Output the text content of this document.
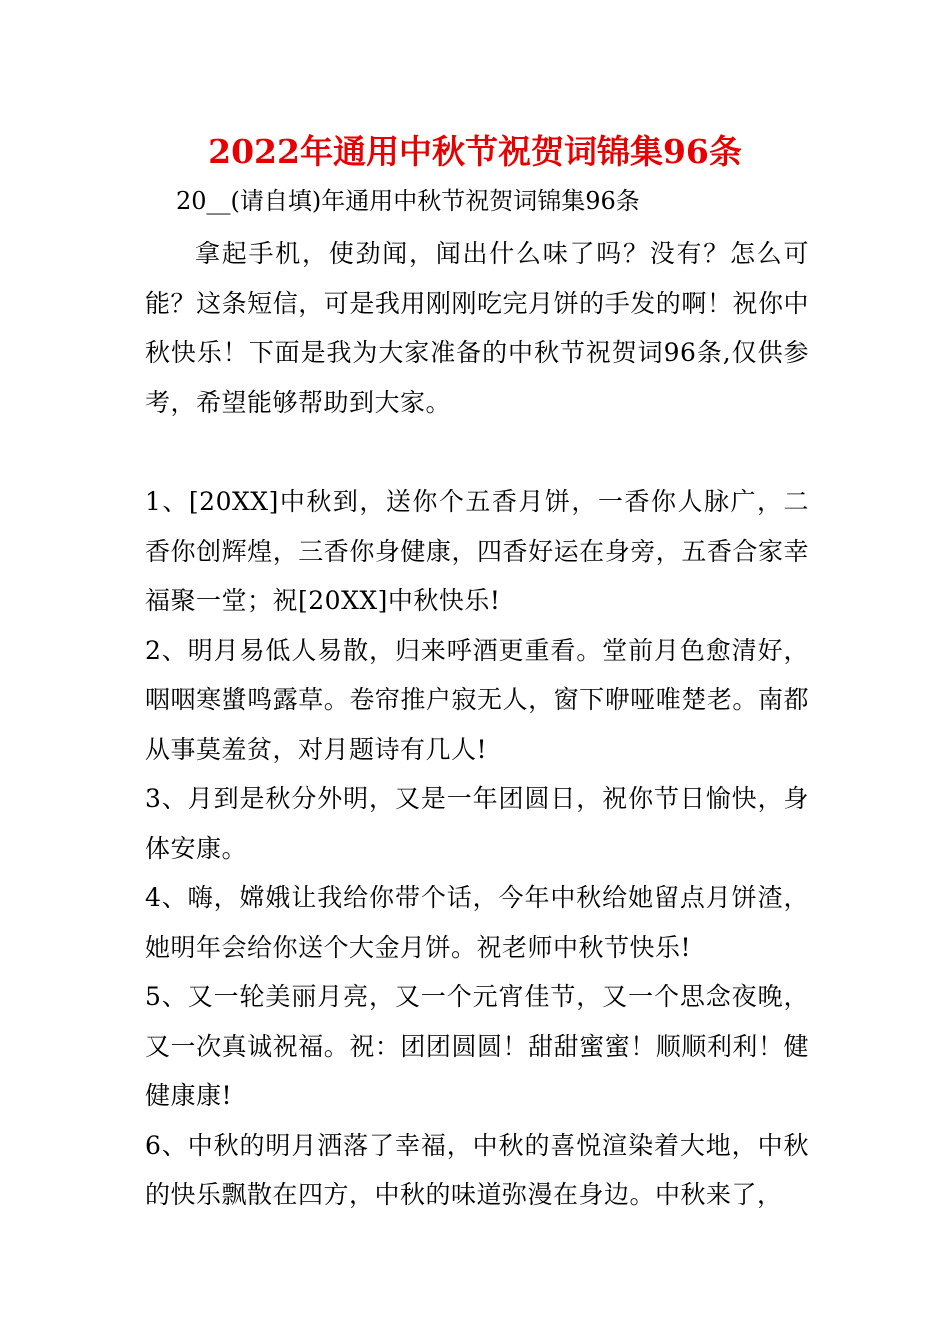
2022年通用中秋节祝贺词锦集96条

20__(请自填)年通用中秋节祝贺词锦集96条

拿起手机，使劲闻，闻出什么味了吗？没有？怎么可能？这条短信，可是我用刚刚吃完月饼的手发的啊！祝你中秋快乐！下面是我为大家准备的中秋节祝贺词96条,仅供参考，希望能够帮助到大家。

1、[20XX]中秋到，送你个五香月饼，一香你人脉广，二香你创辉煌，三香你身健康，四香好运在身旁，五香合家幸福聚一堂；祝[20XX]中秋快乐!

2、明月易低人易散，归来呼酒更重看。堂前月色愈清好，咽咽寒螿鸣露草。卷帘推户寂无人，窗下咿哑唯楚老。南都从事莫羞贫，对月题诗有几人!

3、月到是秋分外明，又是一年团圆日，祝你节日愉快，身体安康。

4、嗨，嫦娥让我给你带个话，今年中秋给她留点月饼渣，她明年会给你送个大金月饼。祝老师中秋节快乐!

5、又一轮美丽月亮，又一个元宵佳节，又一个思念夜晚，又一次真诚祝福。祝：团团圆圆！甜甜蜜蜜！顺顺利利！健健康康!

6、中秋的明月洒落了幸福，中秋的喜悦渲染着大地，中秋的快乐飘散在四方，中秋的味道弥漫在身边。中秋来了，
